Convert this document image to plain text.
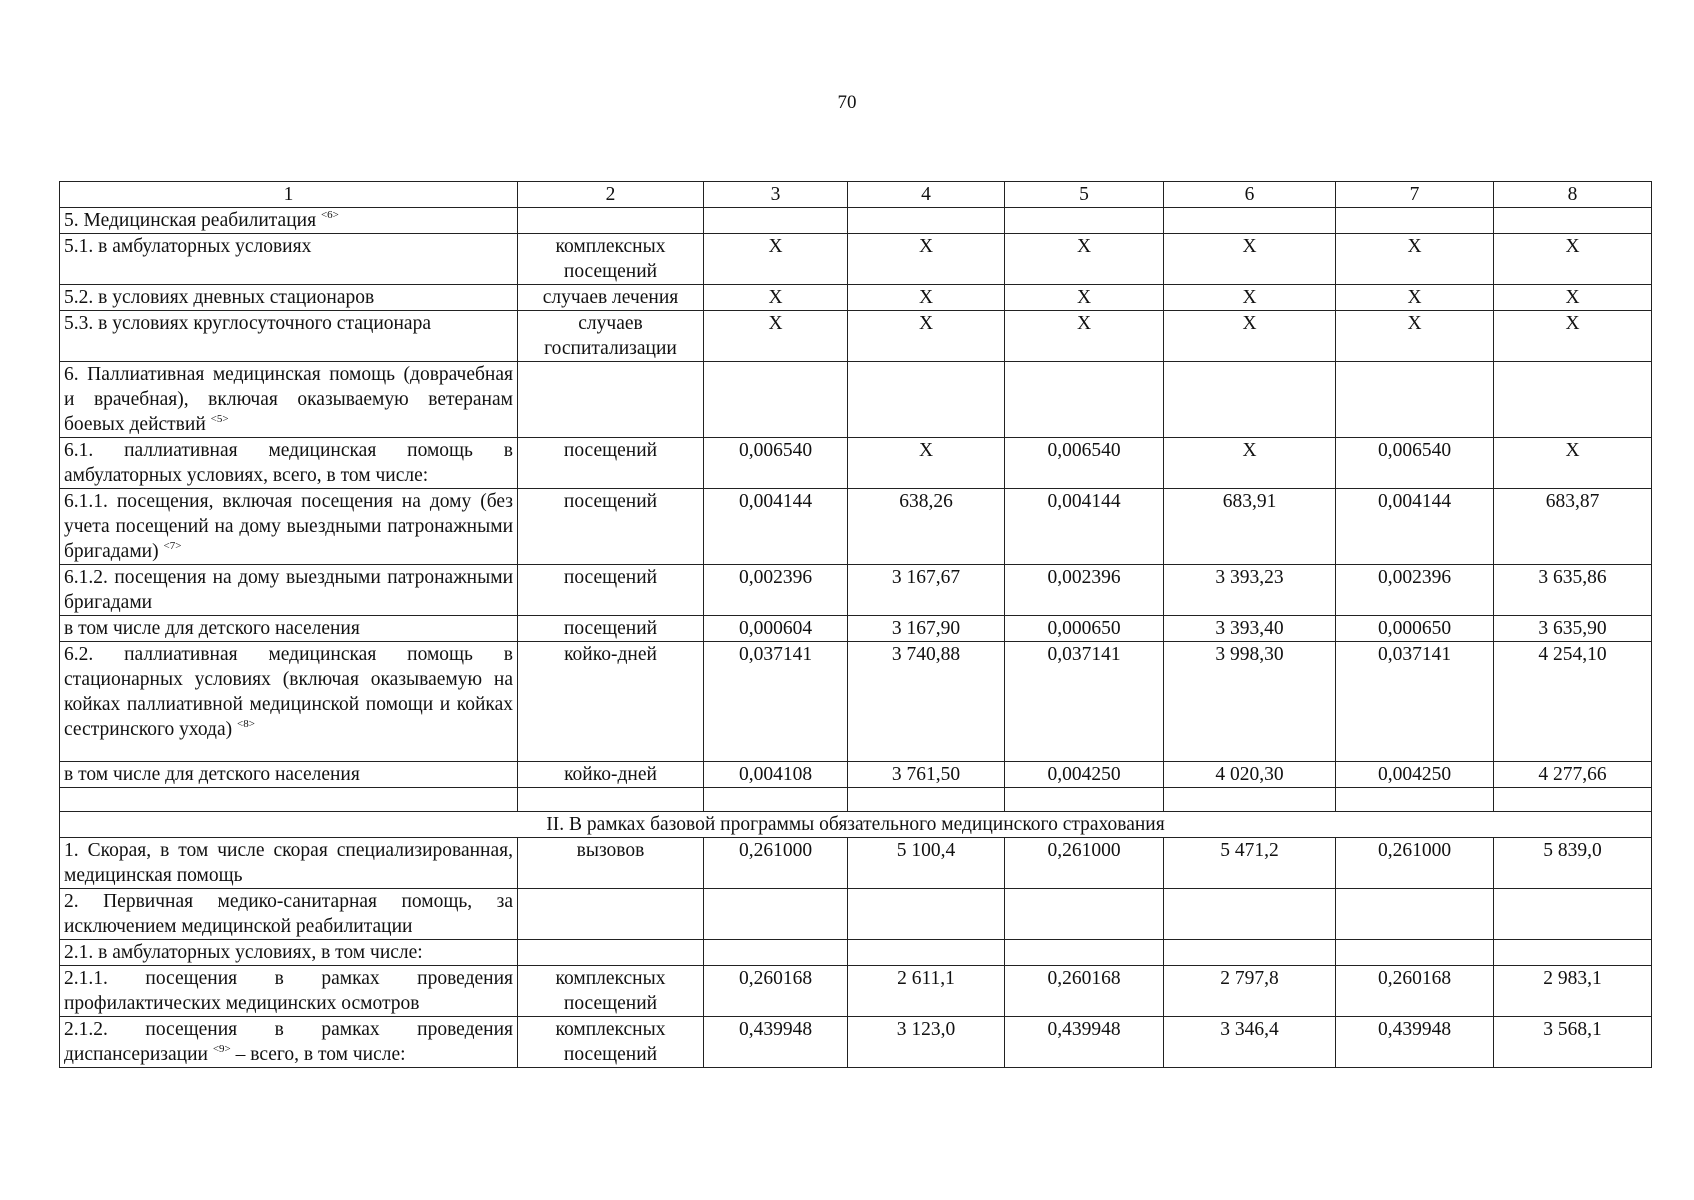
70
1	2	3	4	5	6	7	8
5. Медицинская реабилитация $^{<6>}$							
5.1. в амбулаторных условиях	комплексных посещений	X	X	X	X	X	X
5.2. в условиях дневных стационаров	случаев лечения	X	X	X	X	X	X
5.3. в условиях круглосуточного стационара	случаев госпитализации	X	X	X	X	X	X
6. Паллиативная медицинская помощь (доврачебная и врачебная), включая оказываемую ветеранам боевых действий $^{<5>}$							
6.1. паллиативная медицинская помощь в амбулаторных условиях, всего, в том числе:	посещений	0,006540	X	0,006540	X	0,006540	X
6.1.1. посещения, включая посещения на дому (без учета посещений на дому выездными патронажными бригадами) $^{<7>}$	посещений	0,004144	638,26	0,004144	683,91	0,004144	683,87
6.1.2. посещения на дому выездными патронажными бригадами	посещений	0,002396	3 167,67	0,002396	3 393,23	0,002396	3 635,86
в том числе для детского населения	посещений	0,000604	3 167,90	0,000650	3 393,40	0,000650	3 635,90
6.2. паллиативная медицинская помощь в стационарных условиях (включая оказываемую на койках паллиативной медицинской помощи и койках сестринского ухода) $^{<8>}$	койко-дней	0,037141	3 740,88	0,037141	3 998,30	0,037141	4 254,10
в том числе для детского населения	койко-дней	0,004108	3 761,50	0,004250	4 020,30	0,004250	4 277,66

II. В рамках базовой программы обязательного медицинского страхования							
1. Скорая, в том числе скорая специализированная, медицинская помощь	вызовов	0,261000	5 100,4	0,261000	5 471,2	0,261000	5 839,0
2. Первичная медико-санитарная помощь, за исключением медицинской реабилитации							
2.1. в амбулаторных условиях, в том числе:							
2.1.1. посещения в рамках проведения профилактических медицинских осмотров	комплексных посещений	0,260168	2 611,1	0,260168	2 797,8	0,260168	2 983,1
2.1.2. посещения в рамках проведения диспансеризации $^{<9>}$ – всего, в том числе:	комплексных посещений	0,439948	3 123,0	0,439948	3 346,4	0,439948	3 568,1
